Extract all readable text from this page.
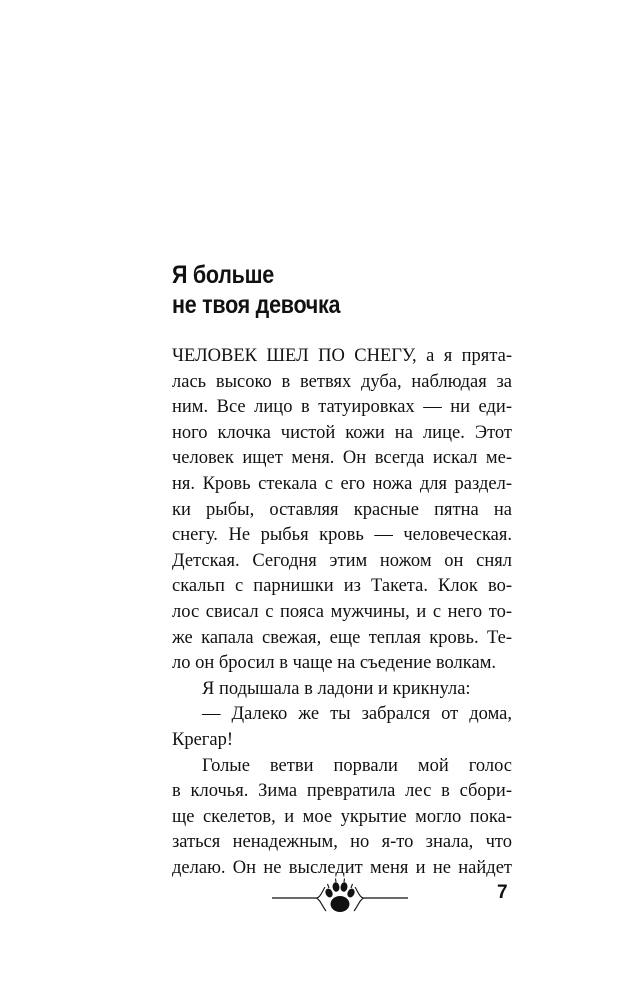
Я больше
не твоя девочка
ЧЕЛОВЕК ШЕЛ ПО СНЕГУ, а я прята-
лась высоко в ветвях дуба, наблюдая за
ним. Все лицо в татуировках — ни еди-
ного клочка чистой кожи на лице. Этот
человек ищет меня. Он всегда искал ме-
ня. Кровь стекала с его ножа для раздел-
ки рыбы, оставляя красные пятна на
снегу. Не рыбья кровь — человеческая.
Детская. Сегодня этим ножом он снял
скальп с парнишки из Такета. Клок во-
лос свисал с пояса мужчины, и с него то-
же капала свежая, еще теплая кровь. Те-
ло он бросил в чаще на съедение волкам.
Я подышала в ладони и крикнула:
— Далеко же ты забрался от дома,
Крегар!
Голые ветви порвали мой голос
в клочья. Зима превратила лес в сбори-
ще скелетов, и мое укрытие могло пока-
заться ненадежным, но я-то знала, что
делаю. Он не выследит меня и не найдет
7
